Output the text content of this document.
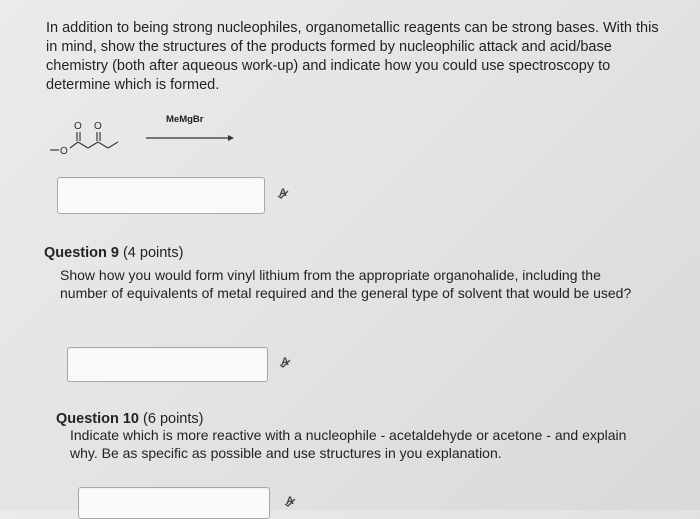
In addition to being strong nucleophiles, organometallic reagents can be strong bases. With this in mind, show the structures of the products formed by nucleophilic attack and acid/base chemistry (both after aqueous work-up) and indicate how you could use spectroscopy to determine which is formed.
O
O O
MeMgBr
A
Question 9 (4 points)
Show how you would form vinyl lithium from the appropriate organohalide, including the number of equivalents of metal required and the general type of solvent that would be used?
A
Question 10 (6 points)
Indicate which is more reactive with a nucleophile - acetaldehyde or acetone - and explain why. Be as specific as possible and use structures in you explanation.
A
